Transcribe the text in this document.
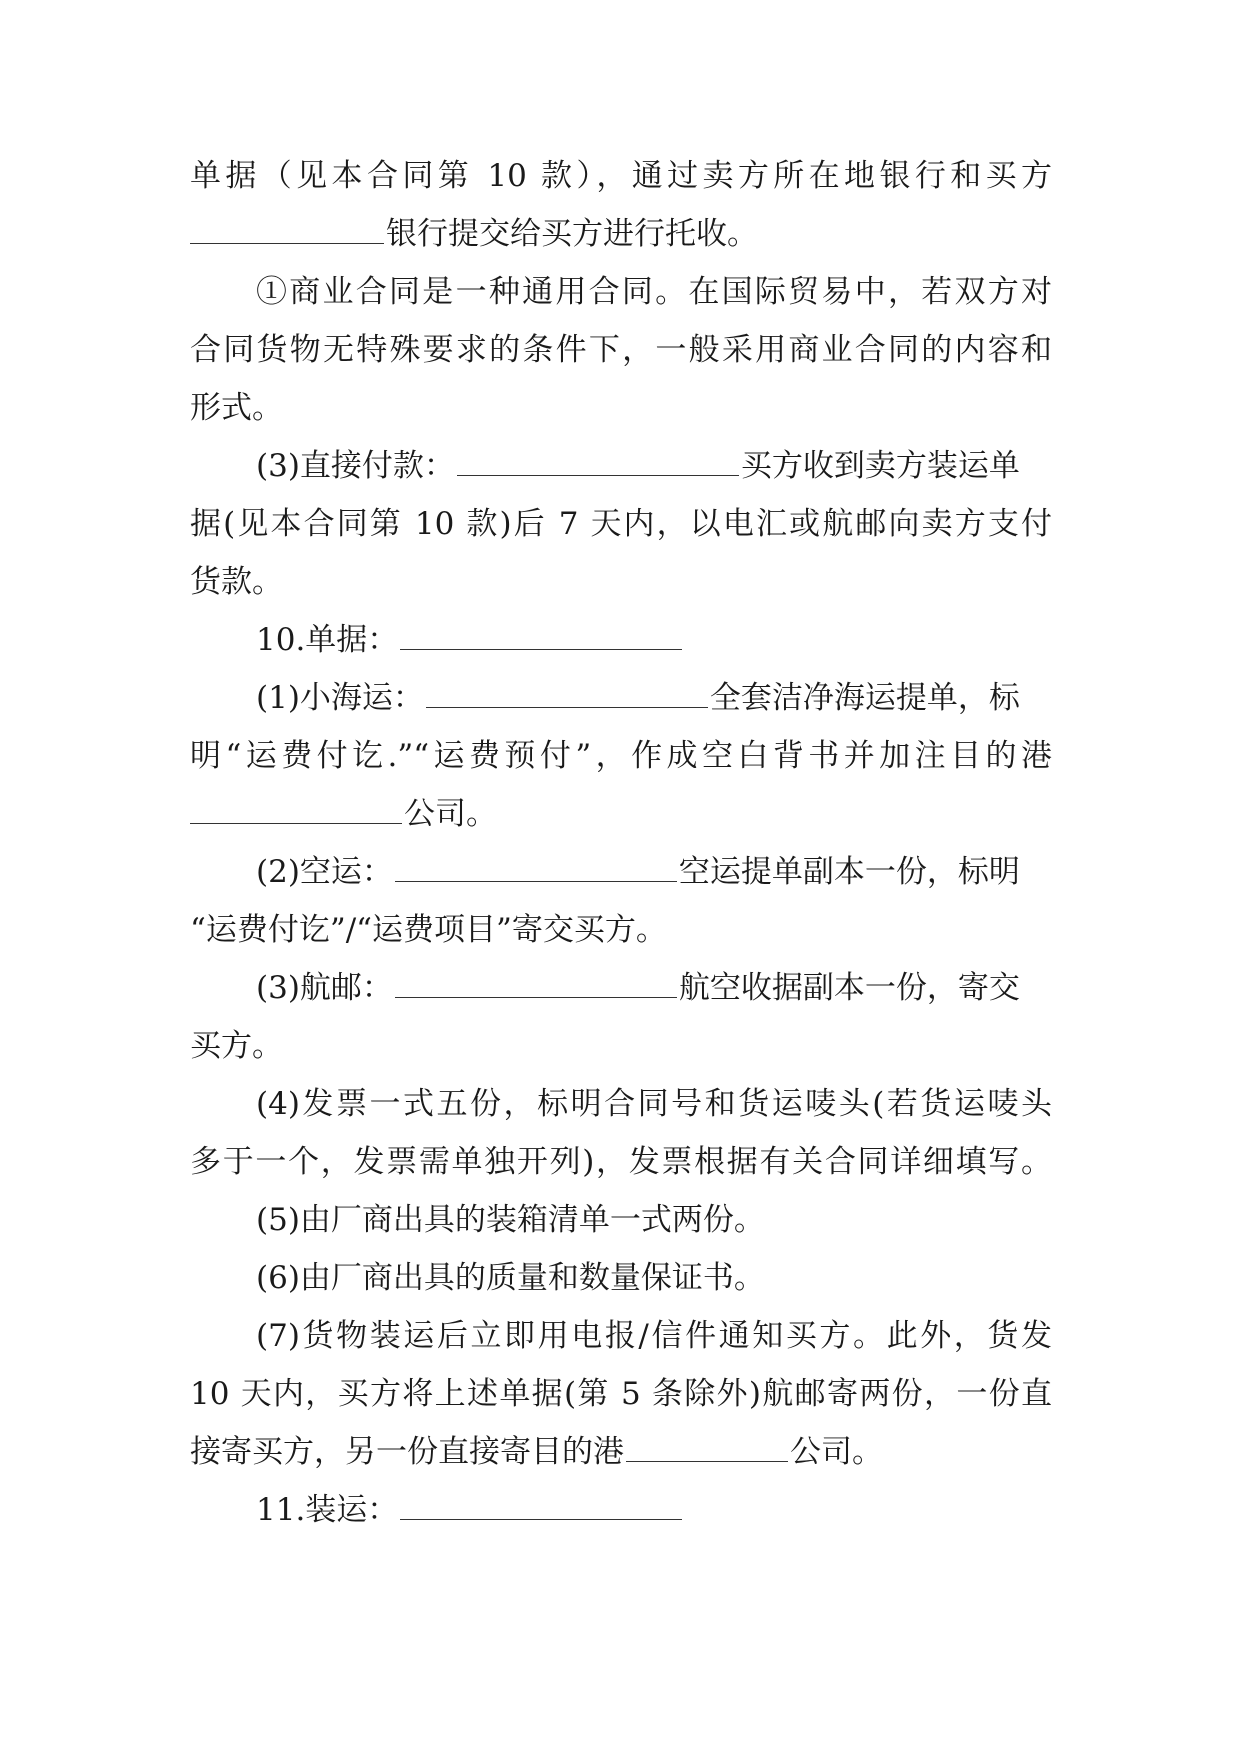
单据（见本合同第 10 款），通过卖方所在地银行和买方
银行提交给买方进行托收。
①商业合同是一种通用合同。在国际贸易中，若双方对
合同货物无特殊要求的条件下，一般采用商业合同的内容和
形式。
(3)直接付款：	买方收到卖方装运单
据(见本合同第 10 款)后 7 天内，以电汇或航邮向卖方支付
货款。
10.单据：
(1)小海运：	全套洁净海运提单，标
明“运费付讫.”“运费预付”，作成空白背书并加注目的港
公司。
(2)空运：	空运提单副本一份，标明
“运费付讫”/“运费项目”寄交买方。
(3)航邮：	航空收据副本一份，寄交
买方。
(4)发票一式五份，标明合同号和货运唛头(若货运唛头
多于一个，发票需单独开列)，发票根据有关合同详细填写。
(5)由厂商出具的装箱清单一式两份。
(6)由厂商出具的质量和数量保证书。
(7)货物装运后立即用电报/信件通知买方。此外，货发
10 天内，买方将上述单据(第 5 条除外)航邮寄两份，一份直
接寄买方，另一份直接寄目的港	公司。
11.装运：
